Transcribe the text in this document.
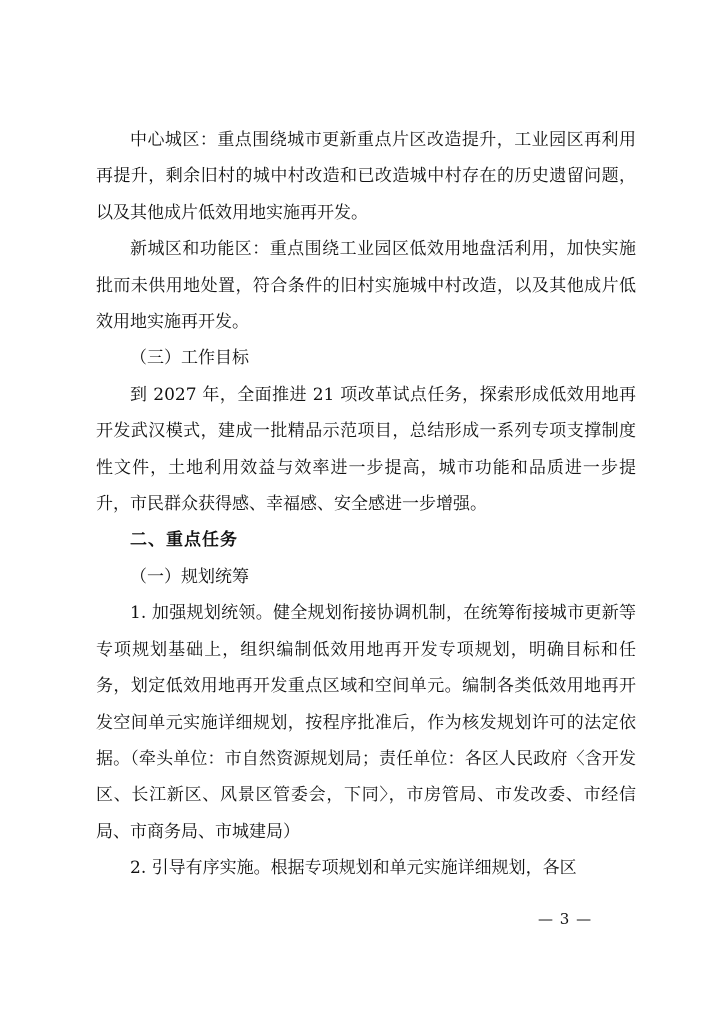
中心城区：重点围绕城市更新重点片区改造提升，工业园区再利用再提升，剩余旧村的城中村改造和已改造城中村存在的历史遗留问题，以及其他成片低效用地实施再开发。

新城区和功能区：重点围绕工业园区低效用地盘活利用，加快实施批而未供用地处置，符合条件的旧村实施城中村改造，以及其他成片低效用地实施再开发。

（三）工作目标

到 2027 年，全面推进 21 项改革试点任务，探索形成低效用地再开发武汉模式，建成一批精品示范项目，总结形成一系列专项支撑制度性文件，土地利用效益与效率进一步提高，城市功能和品质进一步提升，市民群众获得感、幸福感、安全感进一步增强。

二、重点任务

（一）规划统筹

1. 加强规划统领。健全规划衔接协调机制，在统筹衔接城市更新等专项规划基础上，组织编制低效用地再开发专项规划，明确目标和任务，划定低效用地再开发重点区域和空间单元。编制各类低效用地再开发空间单元实施详细规划，按程序批准后，作为核发规划许可的法定依据。（牵头单位：市自然资源规划局；责任单位：各区人民政府〈含开发区、长江新区、风景区管委会，下同〉，市房管局、市发改委、市经信局、市商务局、市城建局）

2. 引导有序实施。根据专项规划和单元实施详细规划，各区

— 3 —
